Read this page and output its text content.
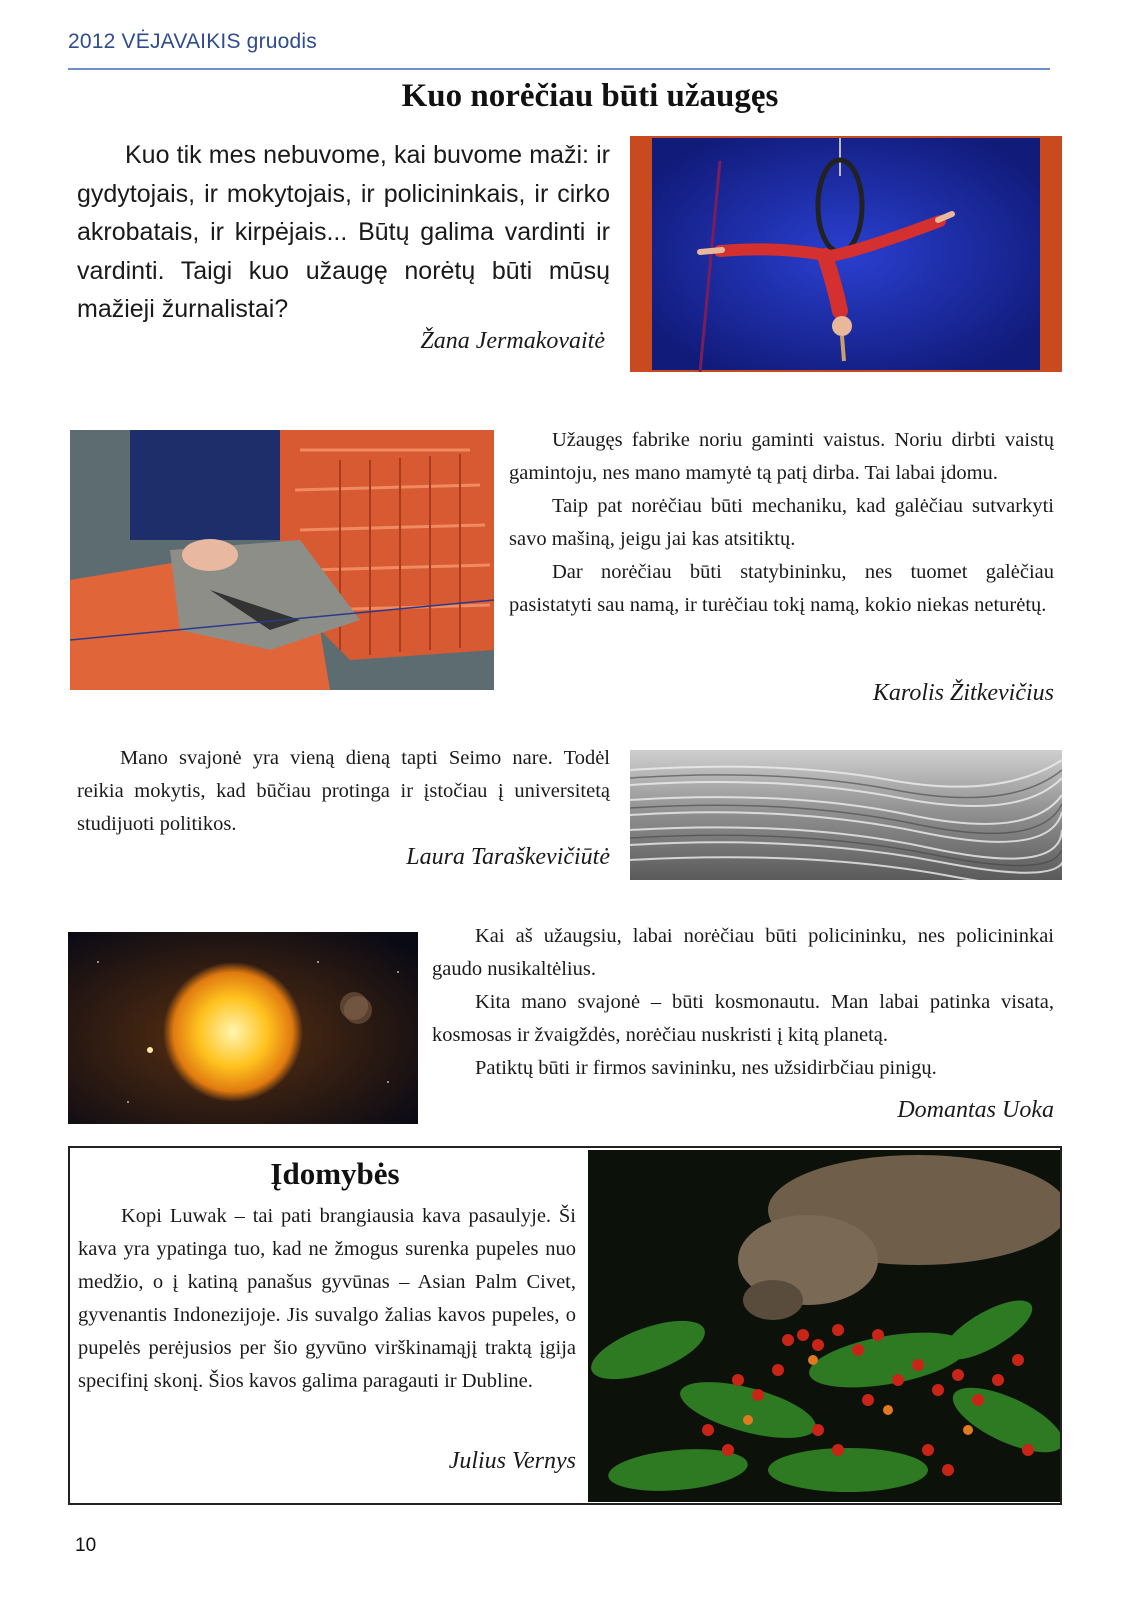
2012 VĖJAVAIKIS gruodis
Kuo norėčiau būti užaugęs
Kuo tik mes nebuvome, kai buvome maži: ir gydytojais, ir mokytojais, ir policininkais, ir cirko akrobatais, ir kirpėjais... Būtų galima vardinti ir vardinti. Taigi kuo užaugę norėtų būti mūsų mažieji žurnalistai?
Žana Jermakovaitė

Užaugęs fabrike noriu gaminti vaistus. Noriu dirbti vaistų gamintoju, nes mano mamytė tą patį dirba. Tai labai įdomu.

Taip pat norėčiau būti mechaniku, kad galėčiau sutvarkyti savo mašiną, jeigu jai kas atsitiktų.

Dar norėčiau būti statybininku, nes tuomet galėčiau pasistatyti sau namą, ir turėčiau tokį namą, kokio niekas neturėtų.

Karolis Žitkevičius

Mano svajonė yra vieną dieną tapti Seimo nare. Todėl reikia mokytis, kad būčiau protinga ir įstočiau į universitetą studijuoti politikos.

Laura Taraškevičiūtė

Kai aš užaugsiu, labai norėčiau būti policininku, nes policininkai gaudo nusikaltėlius.

Kita mano svajonė – būti kosmonautu. Man labai patinka visata, kosmosas ir žvaigždės, norėčiau nuskristi į kitą planetą.

Patiktų būti ir firmos savininku, nes užsidirbčiau pinigų.

Domantas Uoka
Įdomybės

Kopi Luwak – tai pati brangiausia kava pasaulyje. Ši kava yra ypatinga tuo, kad ne žmogus surenka pupeles nuo medžio, o į katiną panašus gyvūnas – Asian Palm Civet, gyvenantis Indonezijoje. Jis suvalgo žalias kavos pupeles, o pupelės perėjusios per šio gyvūno virškinamąjį traktą įgija specifinį skonį. Šios kavos galima paragauti ir Dubline.

Julius Vernys
10
